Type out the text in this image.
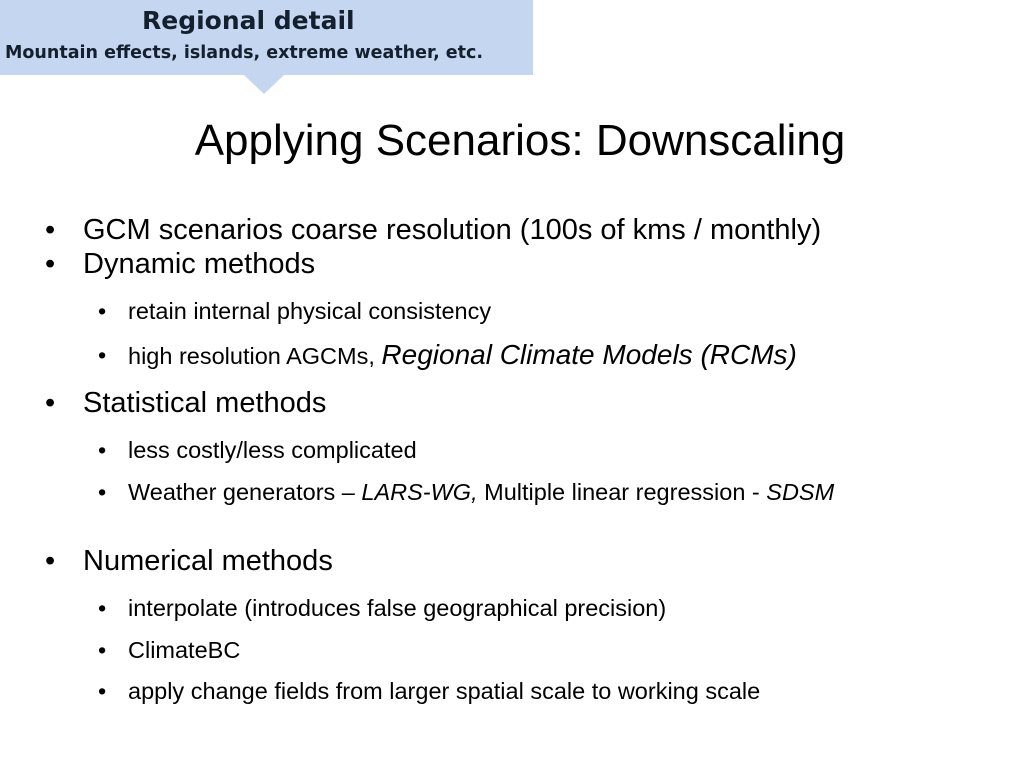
Regional detail
Mountain effects, islands, extreme weather, etc.
Applying Scenarios: Downscaling
• GCM scenarios coarse resolution (100s of kms / monthly)
• Dynamic methods
• retain internal physical consistency
• high resolution AGCMs, Regional Climate Models (RCMs)
• Statistical methods
• less costly/less complicated
• Weather generators – LARS-WG, Multiple linear regression - SDSM
• Numerical methods
• interpolate (introduces false geographical precision)
• ClimateBC
• apply change fields from larger spatial scale to working scale
